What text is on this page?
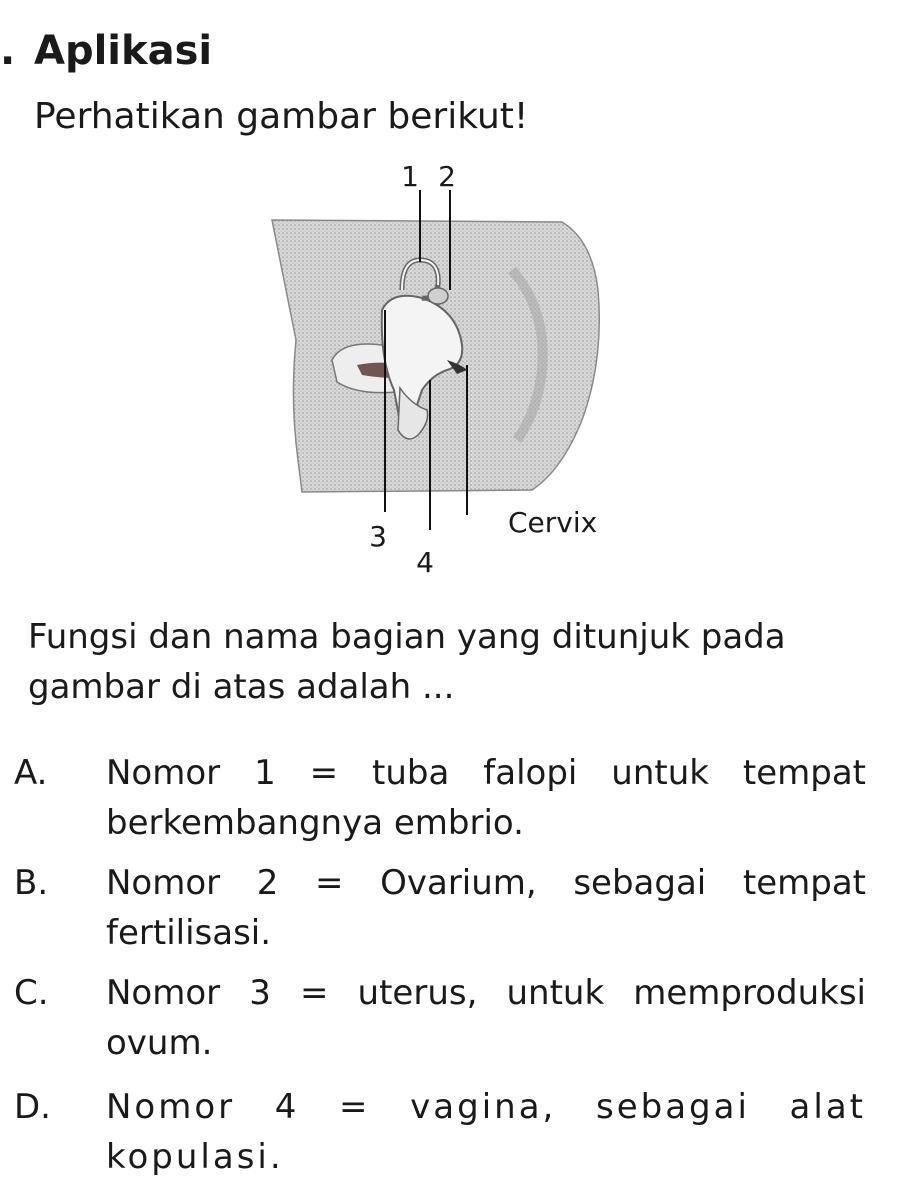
. Aplikasi
Perhatikan gambar berikut!
1 2
3
4
Cervix
Fungsi dan nama bagian yang ditunjuk pada gambar di atas adalah ...
A.	Nomor 1 = tuba falopi untuk tempat berkembangnya embrio.
B.	Nomor 2 = Ovarium, sebagai tempat fertilisasi.
C.	Nomor 3 = uterus, untuk memproduksi ovum.
D.	Nomor 4 = vagina, sebagai alat kopulasi.
